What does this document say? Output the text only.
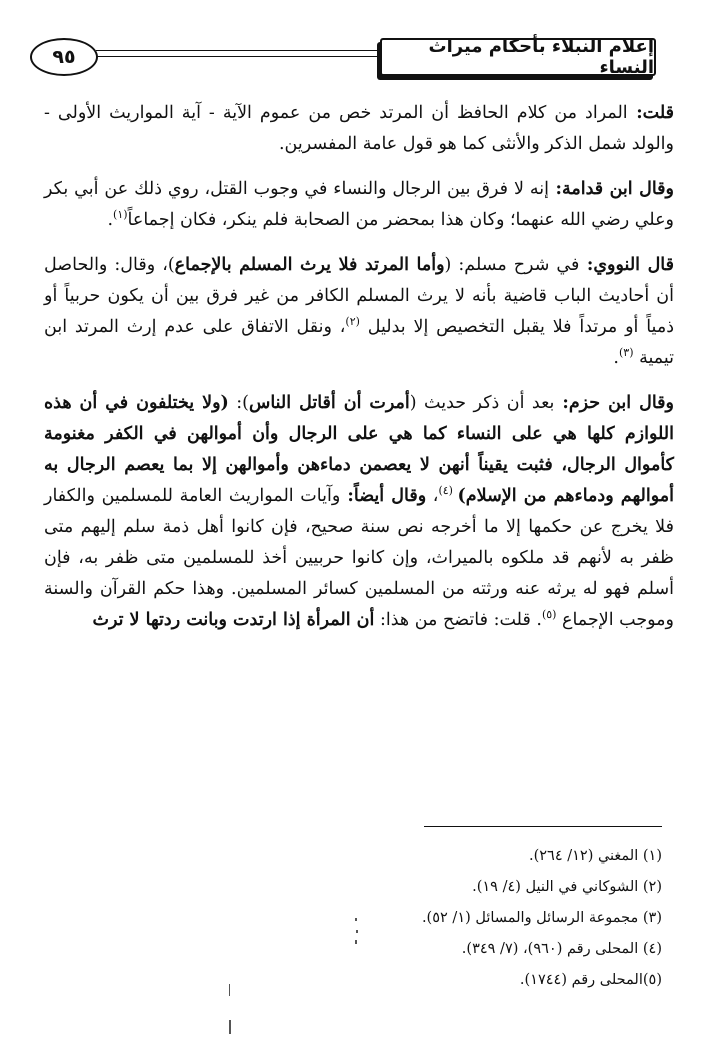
إعلام النبلاء بأحكام ميراث النساء
٩٥

قلت: المراد من كلام الحافظ أن المرتد خص من عموم الآية - آية المواريث الأولى - والولد شمل الذكر والأنثى كما هو قول عامة المفسرين.

وقال ابن قدامة: إنه لا فرق بين الرجال والنساء في وجوب القتل، روي ذلك عن أبي بكر وعلي رضي الله عنهما؛ وكان هذا بمحضر من الصحابة فلم ينكر، فكان إجماعاً$^{(١)}$.

قال النووي: في شرح مسلم: (وأما المرتد فلا يرث المسلم بالإجماع)، وقال: والحاصل أن أحاديث الباب قاضية بأنه لا يرث المسلم الكافر من غير فرق بين أن يكون حربياً أو ذمياً أو مرتداً فلا يقبل التخصيص إلا بدليل $^{(٢)}$، ونقل الاتفاق على عدم إرث المرتد ابن تيمية $^{(٣)}$.

وقال ابن حزم: بعد أن ذكر حديث (أمرت أن أقاتل الناس): (ولا يختلفون في أن هذه اللوازم كلها هي على النساء كما هي على الرجال وأن أموالهن في الكفر مغنومة كأموال الرجال، فثبت يقيناً أنهن لا يعصمن دماءهن وأموالهن إلا بما يعصم الرجال به أموالهم ودماءهم من الإسلام) $^{(٤)}$، وقال أيضاً: وآيات المواريث العامة للمسلمين والكفار فلا يخرج عن حكمها إلا ما أخرجه نص سنة صحيح، فإن كانوا أهل ذمة سلم إليهم متى ظفر به لأنهم قد ملكوه بالميراث، وإن كانوا حربيين أخذ للمسلمين متى ظفر به، فإن أسلم فهو له يرثه عنه ورثته من المسلمين كسائر المسلمين. وهذا حكم القرآن والسنة وموجب الإجماع $^{(٥)}$. قلت: فاتضح من هذا: أن المرأة إذا ارتدت وبانت ردتها لا ترث

(١) المغني (١٢/ ٢٦٤).
(٢) الشوكاني في النيل (٤/ ١٩).
(٣) مجموعة الرسائل والمسائل (١/ ٥٢).
(٤) المحلى رقم (٩٦٠)، (٧/ ٣٤٩).
(٥)المحلى رقم (١٧٤٤).
